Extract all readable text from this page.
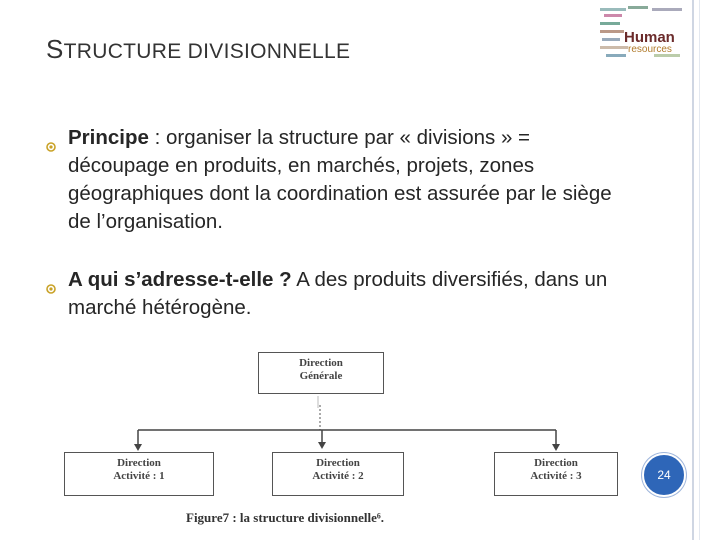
STRUCTURE DIVISIONNELLE
Human
resources
Principe : organiser la structure par « divisions » = découpage en produits, en marchés, projets, zones géographiques dont la coordination est assurée par le siège de l’organisation.
A qui s’adresse-t-elle ? A des produits diversifiés, dans un marché hétérogène.
Direction
Générale
Direction
Activité : 1
Direction
Activité : 2
Direction
Activité : 3
Figure7 : la structure divisionnelle⁶.
24
